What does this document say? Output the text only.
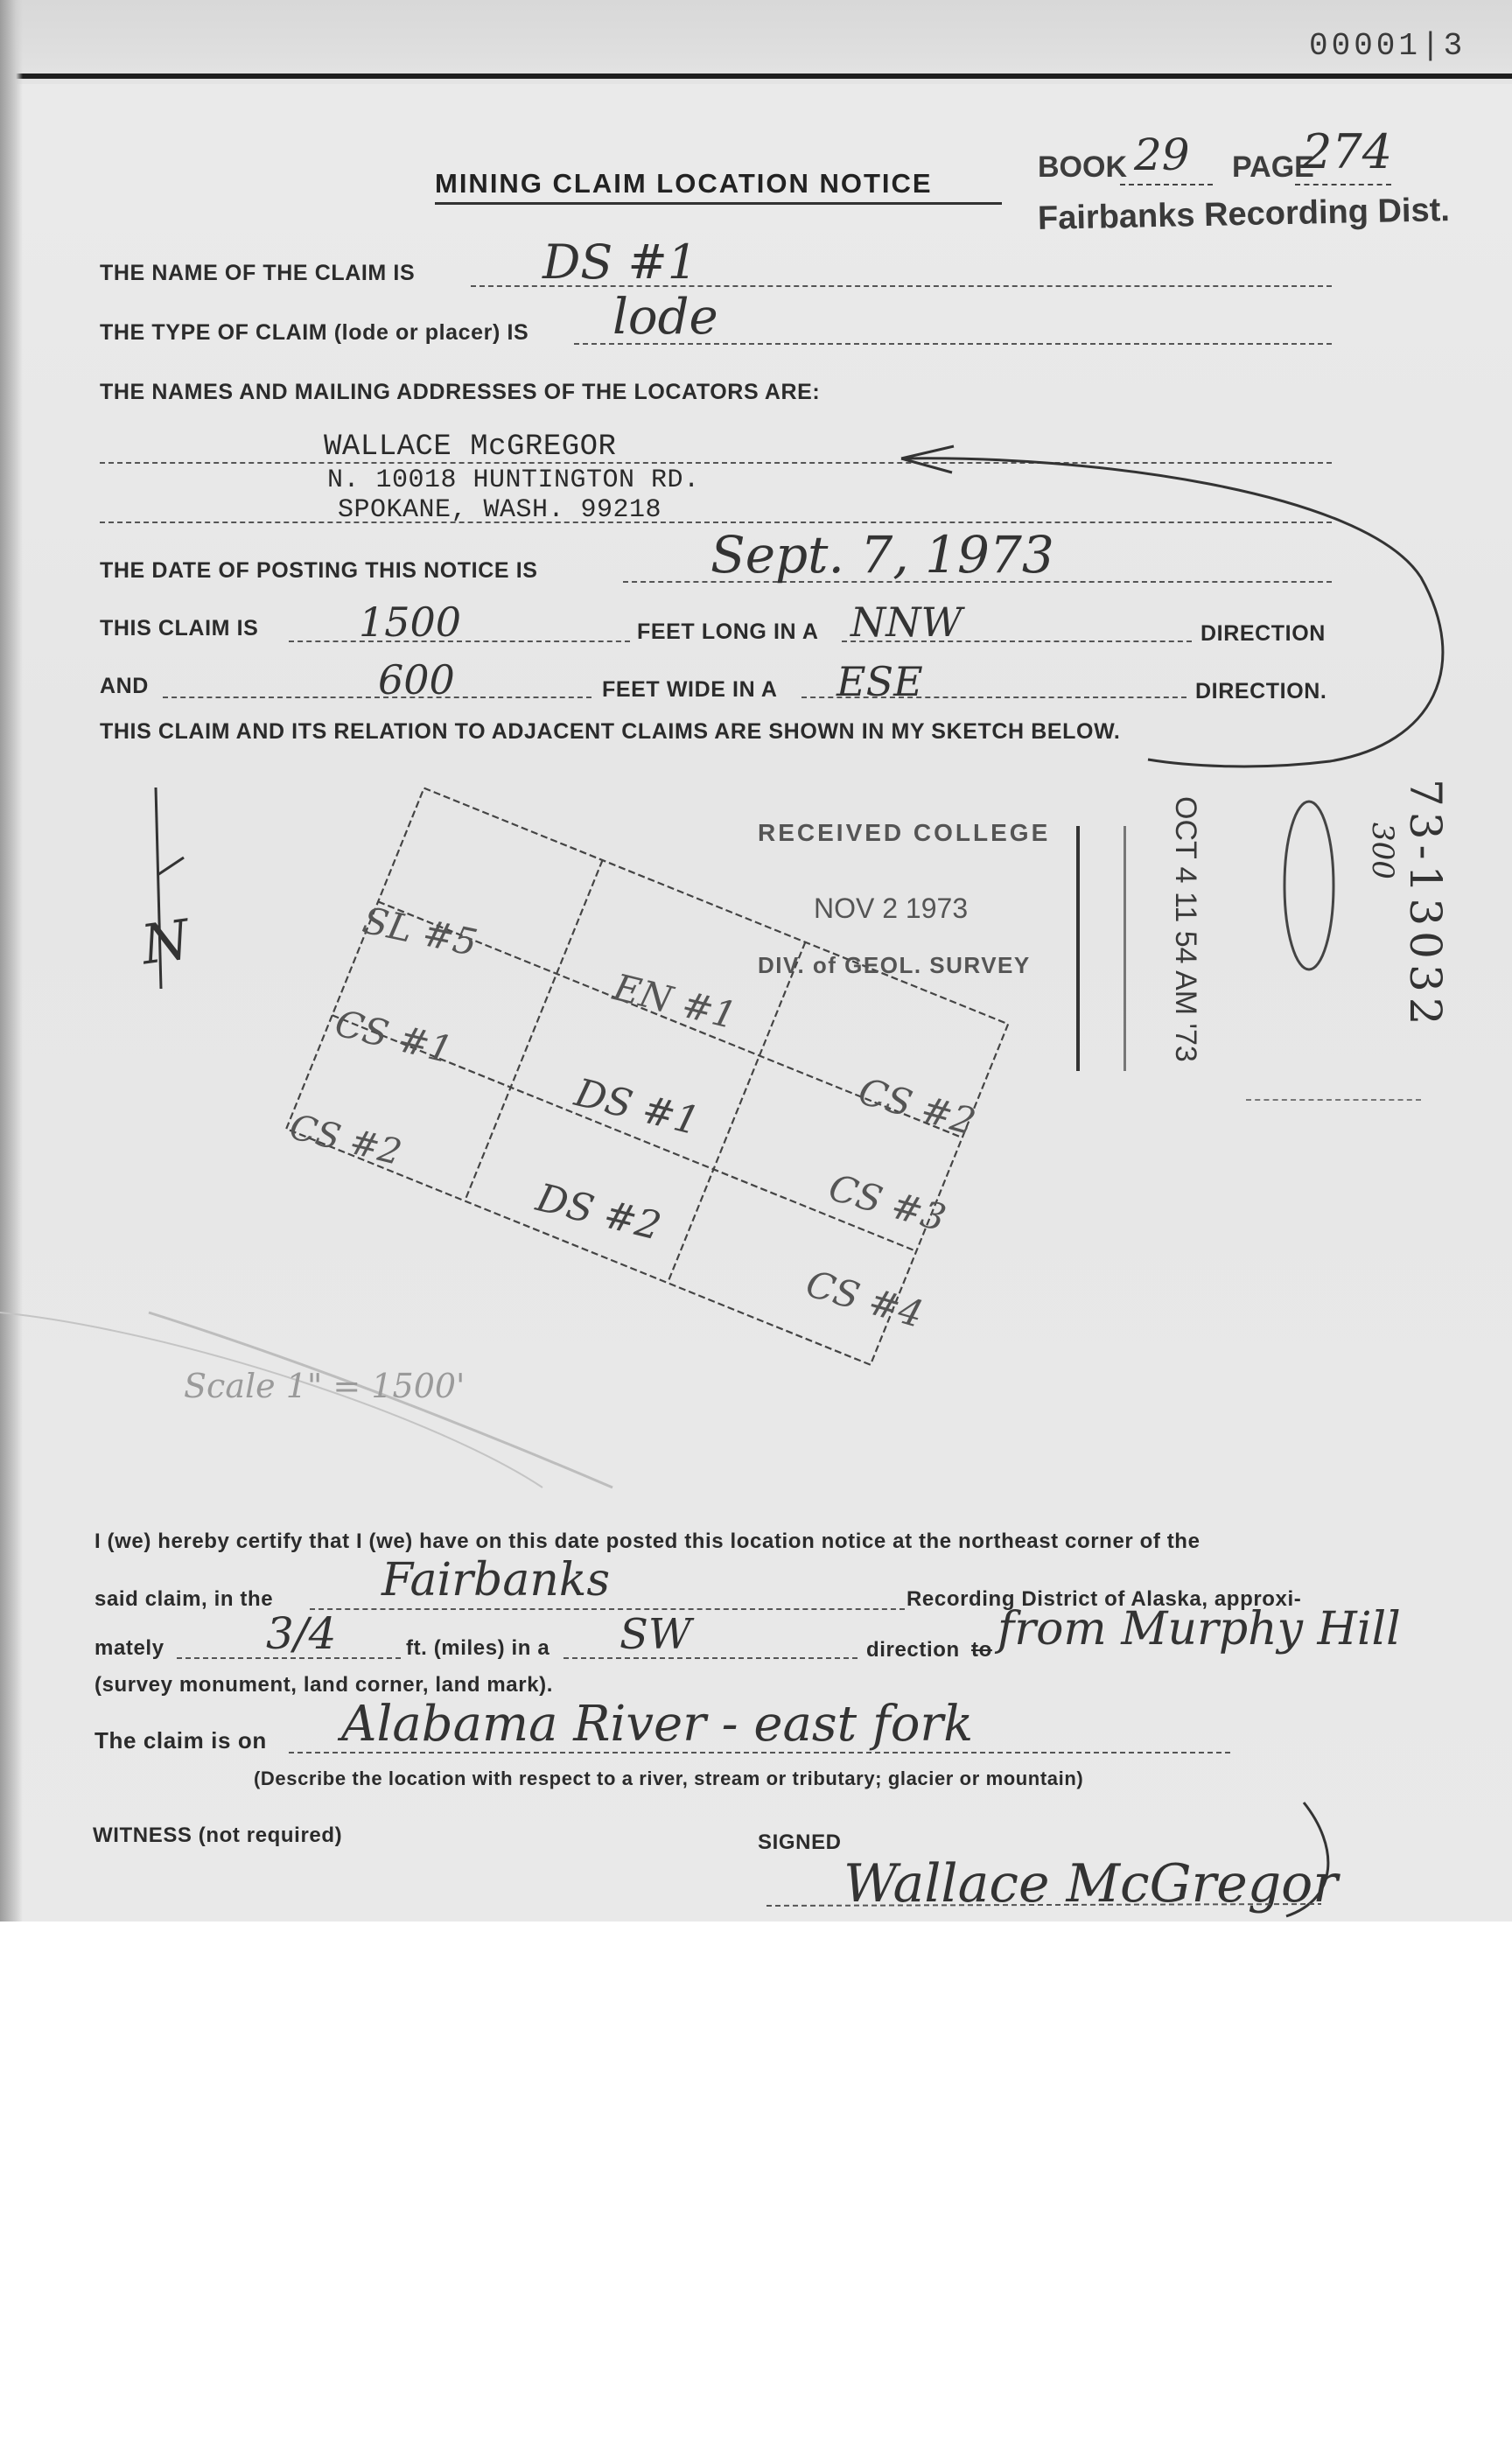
00001|3
MINING CLAIM LOCATION NOTICE	BOOK 29 PAGE
274
Fairbanks Recording Dist.
THE NAME OF THE CLAIM IS	DS #1
THE TYPE OF CLAIM (lode or placer) IS lode
THE NAMES AND MAILING ADDRESSES OF THE LOCATORS ARE:
WALLACE McGREGOR
N. 10018 HUNTINGTON RD.
SPOKANE, WASH. 99218
THE DATE OF POSTING THIS NOTICE IS	Sept. 7, 1973
THIS CLAIM IS 1500	FEET LONG IN A NNW	DIRECTION
AND	600	FEET WIDE IN A ESE	DIRECTION.
THIS CLAIM AND ITS RELATION TO ADJACENT CLAIMS ARE SHOWN IN MY SKETCH BELOW.
N	SL #5
EN #1
CS #1
DS #1	CS #2
CS #2
DS #2	CS #3
CS #4
Scale 1" = 1500'
RECEIVED COLLEGE
NOV 2 1973
DIV. of GEOL. SURVEY	OCT 4 11 54 AM '73	73-13032
300
I (we) hereby certify that I (we) have on this date posted this location notice at the northeast corner of the
said claim, in the Fairbanks	Recording District of Alaska, approxi-
mately 3/4	ft. (miles) in a SW	direction to from Murphy Hill
(survey monument, land corner, land mark).
The claim is on Alabama River - east fork
(Describe the location with respect to a river, stream or tributary; glacier or mountain)
WITNESS (not required)	SIGNED
Wallace McGregor
